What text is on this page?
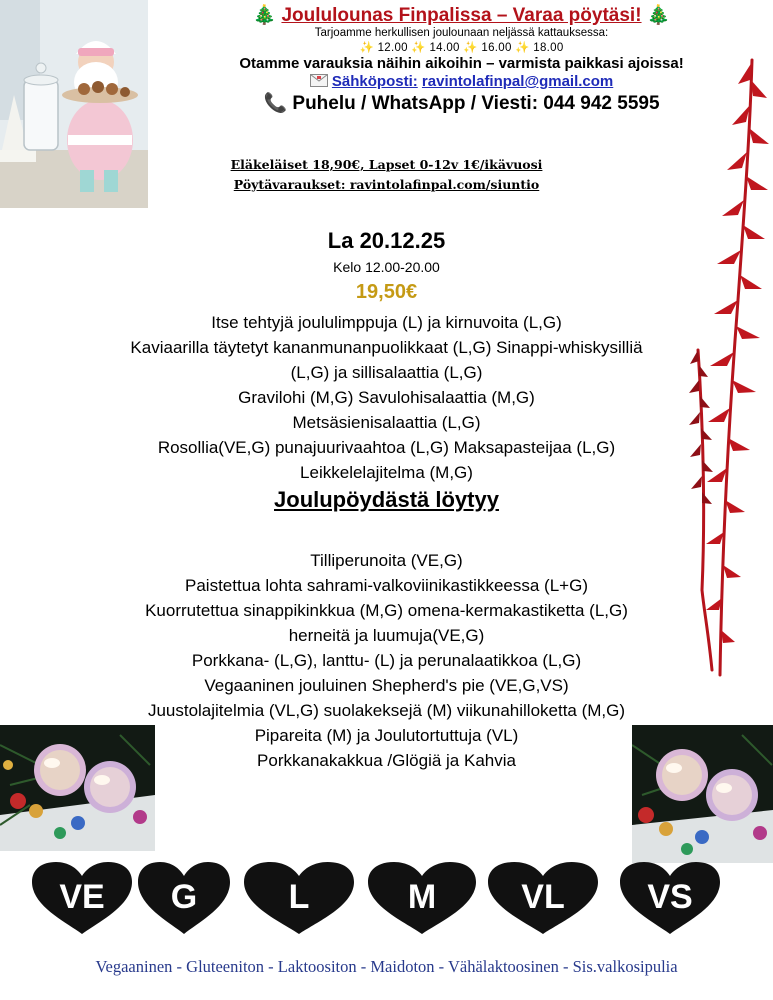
🎄 Joululounas Finpalissa – Varaa pöytäsi! 🎄
Tarjoamme herkullisen joulounaan neljässä kattauksessa:
✨ 12.00 ✨ 14.00 ✨ 16.00 ✨ 18.00
Otamme varauksia näihin aikoihin – varmista paikkasi ajoissa!
Sähköposti: ravintolafinpal@gmail.com
📞 Puhelu / WhatsApp / Viesti: 044 942 5595
Eläkeläiset 18,90€, Lapset 0-12v 1€/ikävuosi
Pöytävaraukset: ravintolafinpal.com/siuntio
La 20.12.25
Kelo 12.00-20.00
19,50€
Itse tehtyjä joululimppuja (L) ja kirnuvoita (L,G)
Kaviaarilla täytetyt kananmunanpuolikkaat (L,G) Sinappi-whiskysilliä
(L,G) ja sillisalaattia (L,G)
Gravilohi (M,G) Savulohisalaattia (M,G)
Metsäsienisalaattia (L,G)
Rosollia(VE,G) punajuurivaahtoa (L,G) Maksapasteijaa (L,G)
Leikkelelajitelma (M,G)
Joulupöydästä löytyy
Tilliperunoita (VE,G)
Paistettua lohta sahrami-valkoviinikastikkeessa (L+G)
Kuorrutettua sinappikinkkua (M,G) omena-kermakastiketta (L,G)
herneitä ja luumuja(VE,G)
Porkkana- (L,G), lanttu- (L) ja perunalaatikkoa (L,G)
Vegaaninen jouluinen Shepherd's pie (VE,G,VS)
Juustolajitelmia (VL,G) suolakeksejä (M) viikunahilloketta (M,G)
Pipareita (M) ja Joulutortuttuja (VL)
Porkkanakakkua /Glögiä ja Kahvia
VE	G	L	M	VL	VS
Vegaaninen - Gluteeniton - Laktoositon - Maidoton - Vähälaktoosinen - Sis.valkosipulia
